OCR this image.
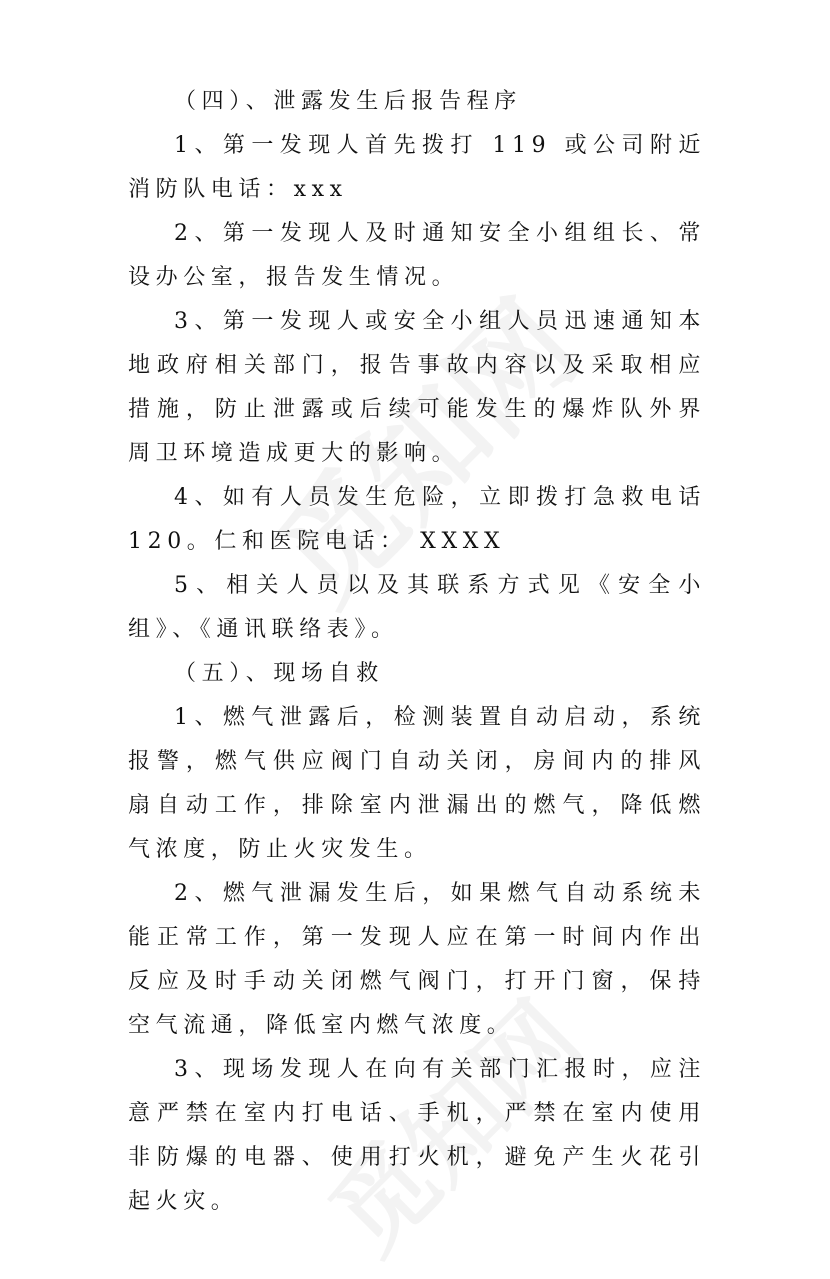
（四）、泄露发生后报告程序

1、第一发现人首先拨打 119 或公司附近消防队电话：xxx

2、第一发现人及时通知安全小组组长、常设办公室，报告发生情况。

3、第一发现人或安全小组人员迅速通知本地政府相关部门，报告事故内容以及采取相应措施，防止泄露或后续可能发生的爆炸队外界周卫环境造成更大的影响。

4、如有人员发生危险，立即拨打急救电话120。仁和医院电话： XXXX

5、相关人员以及其联系方式见《安全小组》、《通讯联络表》。

（五）、现场自救

1、燃气泄露后，检测装置自动启动，系统报警，燃气供应阀门自动关闭，房间内的排风扇自动工作，排除室内泄漏出的燃气，降低燃气浓度，防止火灾发生。

2、燃气泄漏发生后，如果燃气自动系统未能正常工作，第一发现人应在第一时间内作出反应及时手动关闭燃气阀门，打开门窗，保持空气流通，降低室内燃气浓度。

3、现场发现人在向有关部门汇报时，应注意严禁在室内打电话、手机，严禁在室内使用非防爆的电器、使用打火机，避免产生火花引起火灾。
